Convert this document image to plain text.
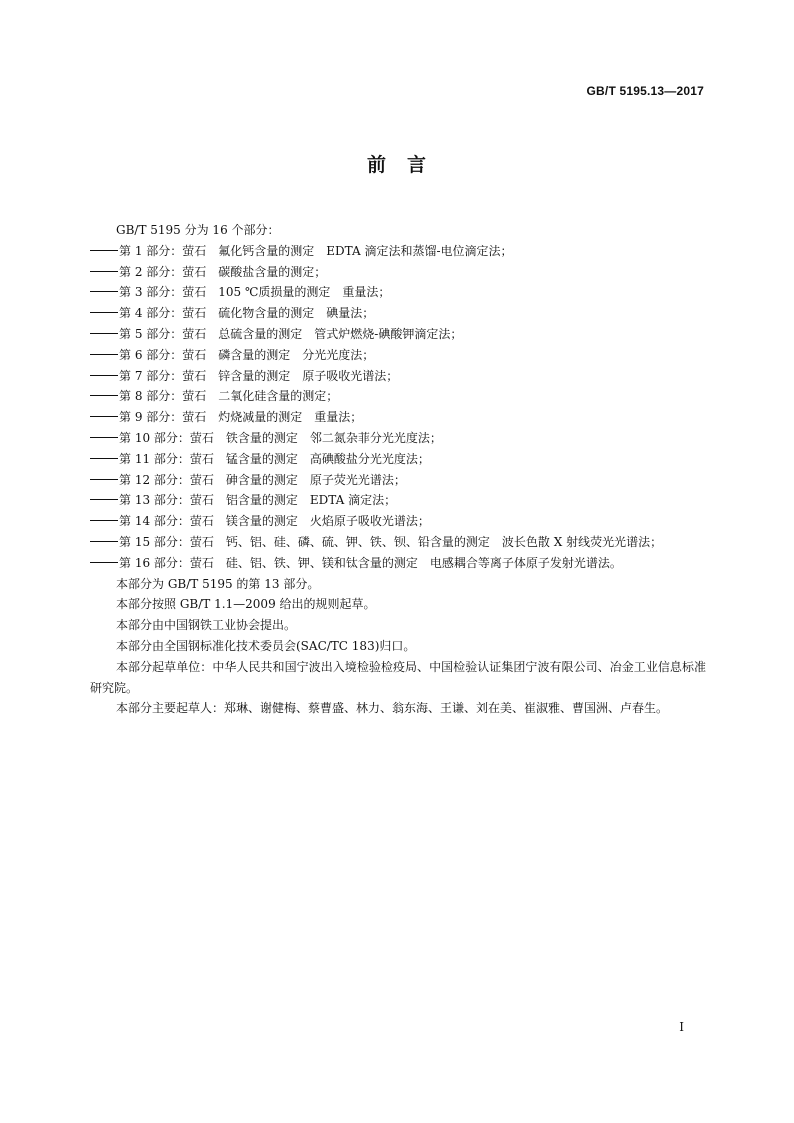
GB/T 5195.13—2017
前　言

GB/T 5195 分为 16 个部分：

第 1 部分：萤石　 氟化钙含量的测定　EDTA 滴定法和蒸馏-电位滴定法；

第 2 部分：萤石　 碳酸盐含量的测定；

第 3 部分：萤石　 105 ℃质损量的测定　重量法；

第 4 部分：萤石　 硫化物含量的测定　碘量法；

第 5 部分：萤石　 总硫含量的测定　管式炉燃烧-碘酸钾滴定法；

第 6 部分：萤石　 磷含量的测定　分光光度法；

第 7 部分：萤石　 锌含量的测定　原子吸收光谱法；

第 8 部分：萤石　 二氧化硅含量的测定；

第 9 部分：萤石　 灼烧减量的测定　重量法；

第 10 部分：萤石　 铁含量的测定　邻二氮杂菲分光光度法；

第 11 部分：萤石　 锰含量的测定　高碘酸盐分光光度法；

第 12 部分：萤石　 砷含量的测定　原子荧光光谱法；

第 13 部分：萤石　 铝含量的测定　EDTA 滴定法；

第 14 部分：萤石　 镁含量的测定　火焰原子吸收光谱法；

第 15 部分：萤石　 钙、铝、硅、磷、硫、钾、铁、钡、铅含量的测定　波长色散 X 射线荧光光谱法；

第 16 部分：萤石　 硅、铝、铁、钾、镁和钛含量的测定　电感耦合等离子体原子发射光谱法。

本部分为 GB/T 5195 的第 13 部分。

本部分按照 GB/T 1.1—2009 给出的规则起草。

本部分由中国钢铁工业协会提出。

本部分由全国钢标准化技术委员会(SAC/TC 183)归口。

本部分起草单位：中华人民共和国宁波出入境检验检疫局、中国检验认证集团宁波有限公司、冶金工业信息标准研究院。

本部分主要起草人：郑琳、谢健梅、蔡曹盛、林力、翁东海、王谦、刘在美、崔淑雅、曹国洲、卢春生。

I
